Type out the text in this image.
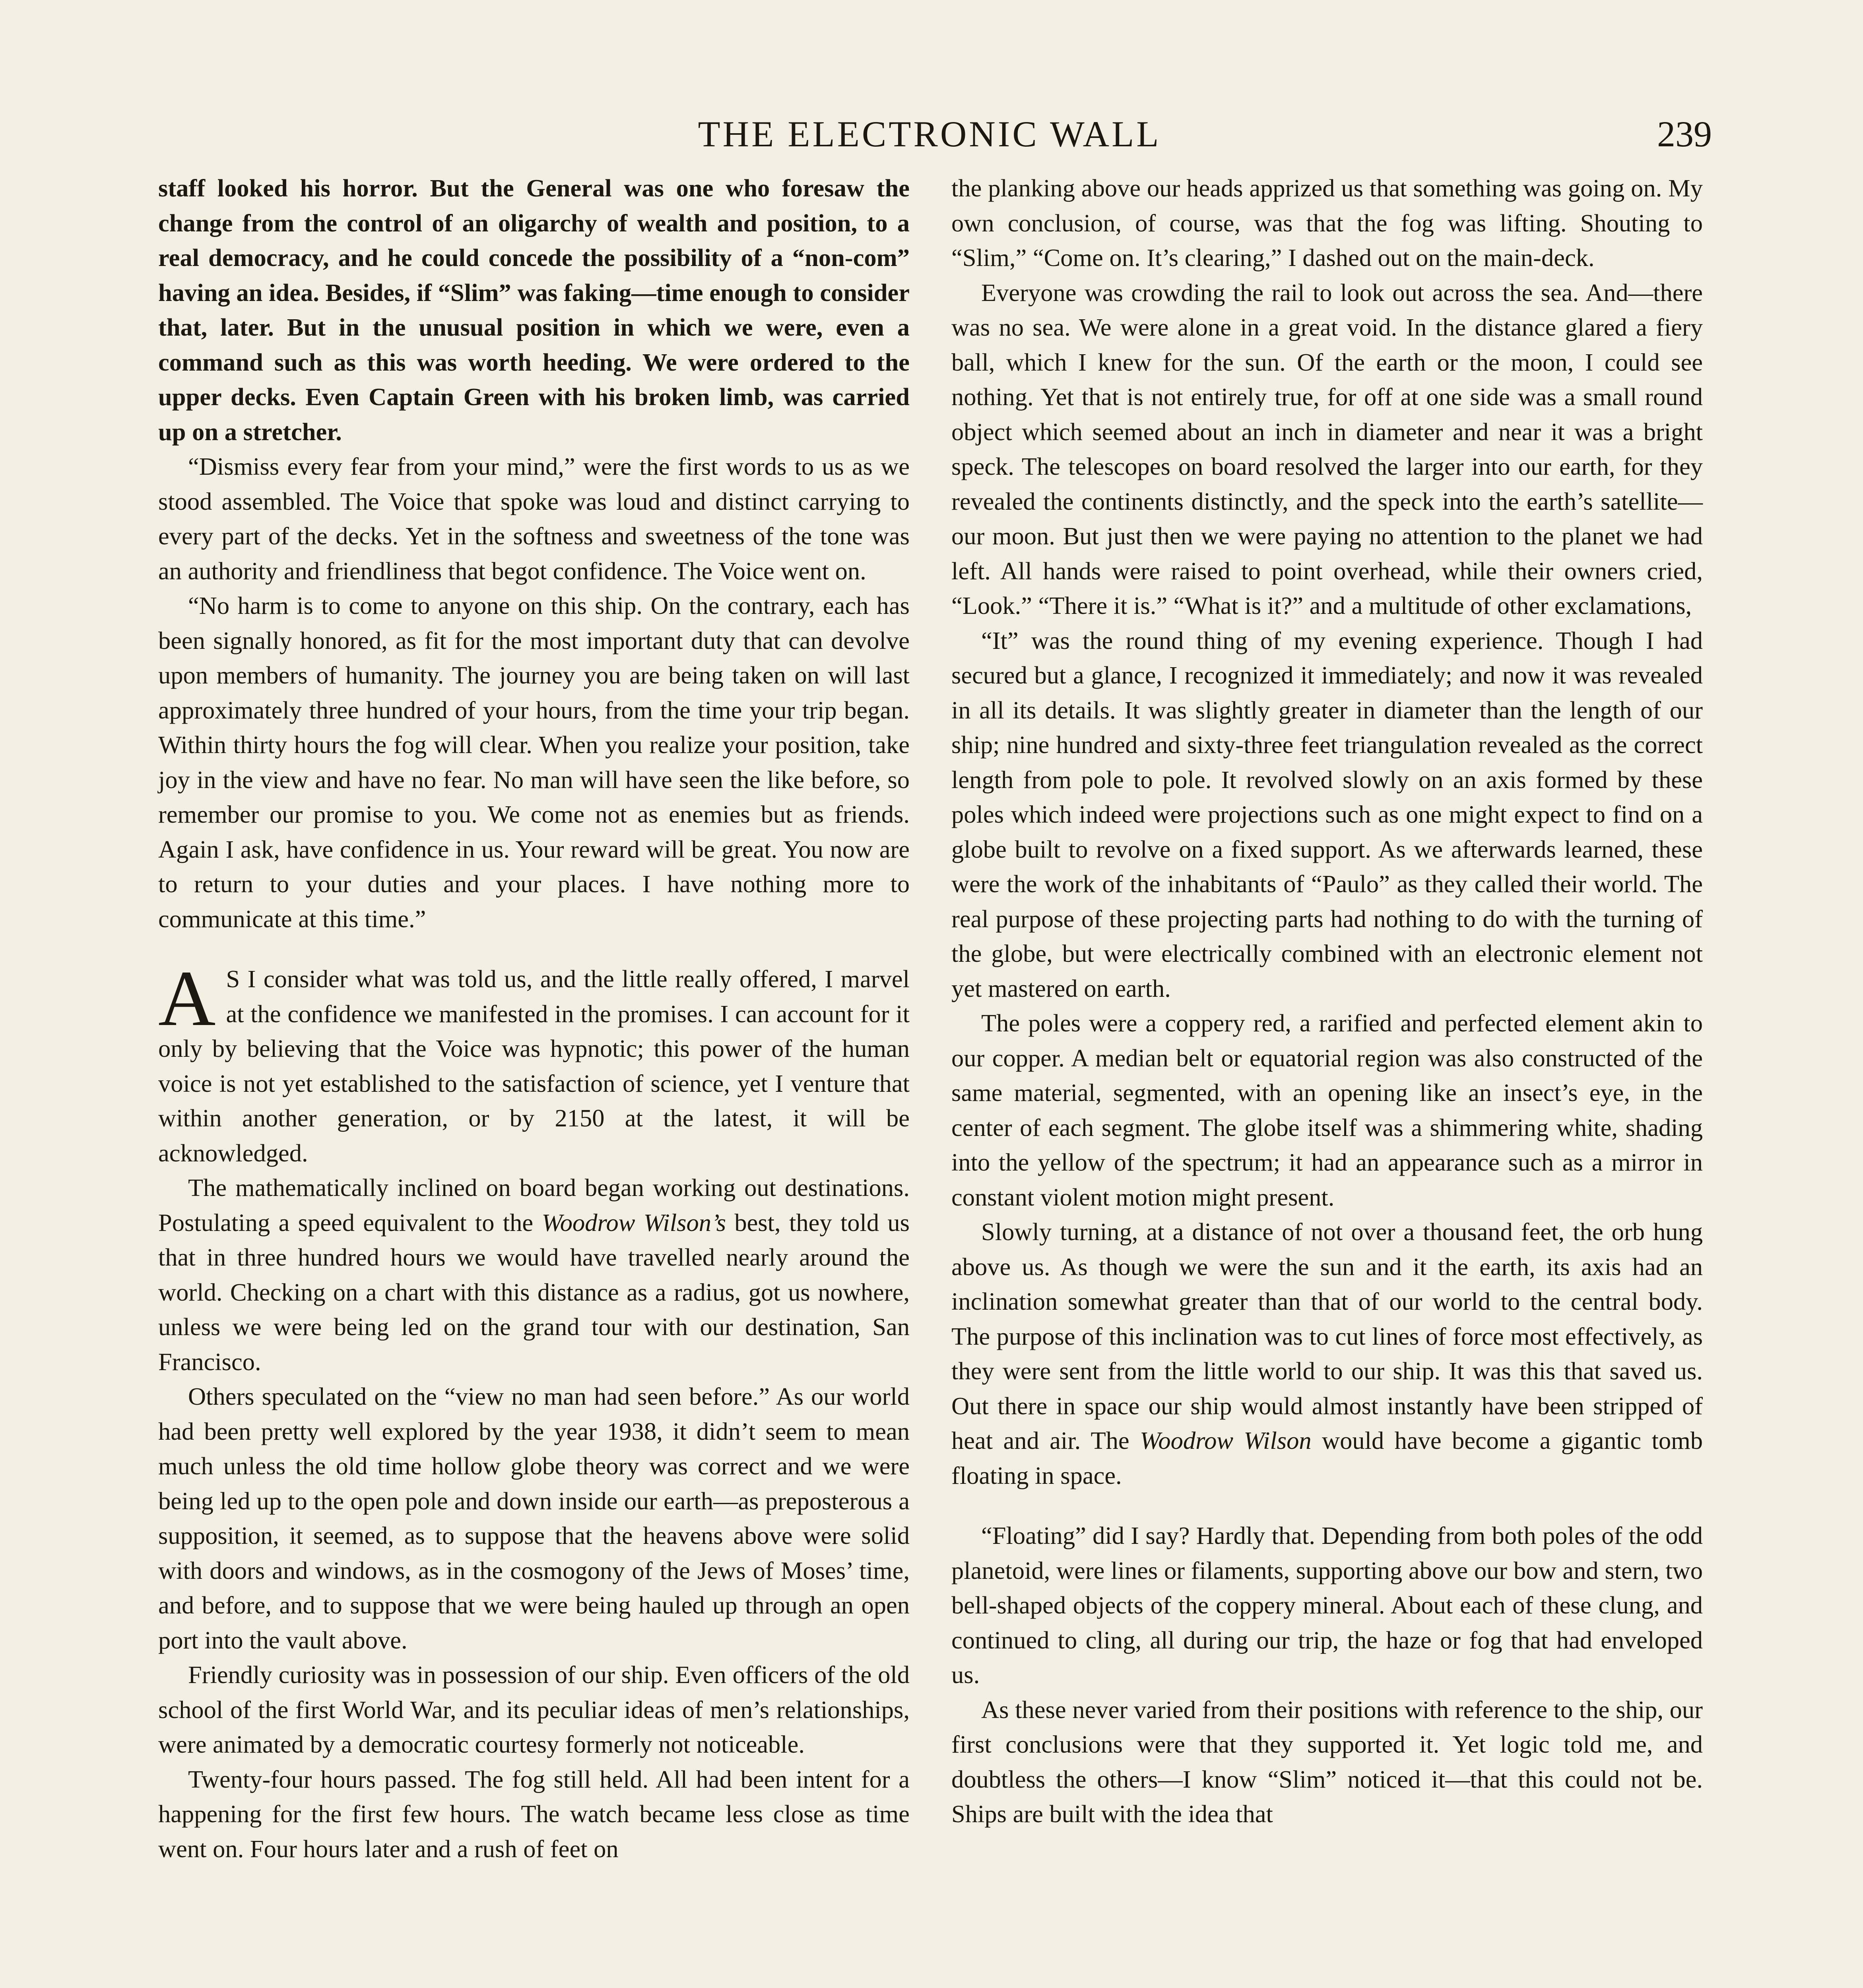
THE ELECTRONIC WALL	239

staff looked his horror. But the General was one who foresaw the change from the control of an oligarchy of wealth and position, to a real democracy, and he could concede the possibility of a “non-com” having an idea. Besides, if “Slim” was faking—time enough to consider that, later. But in the unusual position in which we were, even a command such as this was worth heeding. We were ordered to the upper decks. Even Captain Green with his broken limb, was carried up on a stretcher.

“Dismiss every fear from your mind,” were the first words to us as we stood assembled. The Voice that spoke was loud and distinct carrying to every part of the decks. Yet in the softness and sweetness of the tone was an authority and friendliness that begot confidence. The Voice went on.

“No harm is to come to anyone on this ship. On the contrary, each has been signally honored, as fit for the most important duty that can devolve upon members of humanity. The journey you are being taken on will last approximately three hundred of your hours, from the time your trip began. Within thirty hours the fog will clear. When you realize your position, take joy in the view and have no fear. No man will have seen the like before, so remember our promise to you. We come not as enemies but as friends. Again I ask, have confidence in us. Your reward will be great. You now are to return to your duties and your places. I have nothing more to communicate at this time.”

A S I consider what was told us, and the little really offered, I marvel at the confidence we manifested in the promises. I can account for it only by believing that the Voice was hypnotic; this power of the human voice is not yet established to the satisfaction of science, yet I venture that within another generation, or by 2150 at the latest, it will be acknowledged.

The mathematically inclined on board began working out destinations. Postulating a speed equivalent to the Woodrow Wilson’s best, they told us that in three hundred hours we would have travelled nearly around the world. Checking on a chart with this distance as a radius, got us nowhere, unless we were being led on the grand tour with our destination, San Francisco.

Others speculated on the “view no man had seen before.” As our world had been pretty well explored by the year 1938, it didn’t seem to mean much unless the old time hollow globe theory was correct and we were being led up to the open pole and down inside our earth—as preposterous a supposition, it seemed, as to suppose that the heavens above were solid with doors and windows, as in the cosmogony of the Jews of Moses’ time, and before, and to suppose that we were being hauled up through an open port into the vault above.

Friendly curiosity was in possession of our ship. Even officers of the old school of the first World War, and its peculiar ideas of men’s relationships, were animated by a democratic courtesy formerly not noticeable.

Twenty-four hours passed. The fog still held. All had been intent for a happening for the first few hours. The watch became less close as time went on. Four hours later and a rush of feet on

the planking above our heads apprized us that something was going on. My own conclusion, of course, was that the fog was lifting. Shouting to “Slim,” “Come on. It’s clearing,” I dashed out on the main-deck.

Everyone was crowding the rail to look out across the sea. And—there was no sea. We were alone in a great void. In the distance glared a fiery ball, which I knew for the sun. Of the earth or the moon, I could see nothing. Yet that is not entirely true, for off at one side was a small round object which seemed about an inch in diameter and near it was a bright speck. The telescopes on board resolved the larger into our earth, for they revealed the continents distinctly, and the speck into the earth’s satellite—our moon. But just then we were paying no attention to the planet we had left. All hands were raised to point overhead, while their owners cried, “Look.” “There it is.” “What is it?” and a multitude of other exclamations,

“It” was the round thing of my evening experience. Though I had secured but a glance, I recognized it immediately; and now it was revealed in all its details. It was slightly greater in diameter than the length of our ship; nine hundred and sixty-three feet triangulation revealed as the correct length from pole to pole. It revolved slowly on an axis formed by these poles which indeed were projections such as one might expect to find on a globe built to revolve on a fixed support. As we afterwards learned, these were the work of the inhabitants of “Paulo” as they called their world. The real purpose of these projecting parts had nothing to do with the turning of the globe, but were electrically combined with an electronic element not yet mastered on earth.

The poles were a coppery red, a rarified and perfected element akin to our copper. A median belt or equatorial region was also constructed of the same material, segmented, with an opening like an insect’s eye, in the center of each segment. The globe itself was a shimmering white, shading into the yellow of the spectrum; it had an appearance such as a mirror in constant violent motion might present.

Slowly turning, at a distance of not over a thousand feet, the orb hung above us. As though we were the sun and it the earth, its axis had an inclination somewhat greater than that of our world to the central body. The purpose of this inclination was to cut lines of force most effectively, as they were sent from the little world to our ship. It was this that saved us. Out there in space our ship would almost instantly have been stripped of heat and air. The Woodrow Wilson would have become a gigantic tomb floating in space.

“Floating” did I say? Hardly that. Depending from both poles of the odd planetoid, were lines or filaments, supporting above our bow and stern, two bell-shaped objects of the coppery mineral. About each of these clung, and continued to cling, all during our trip, the haze or fog that had enveloped us.

As these never varied from their positions with reference to the ship, our first conclusions were that they supported it. Yet logic told me, and doubtless the others—I know “Slim” noticed it—that this could not be. Ships are built with the idea that
